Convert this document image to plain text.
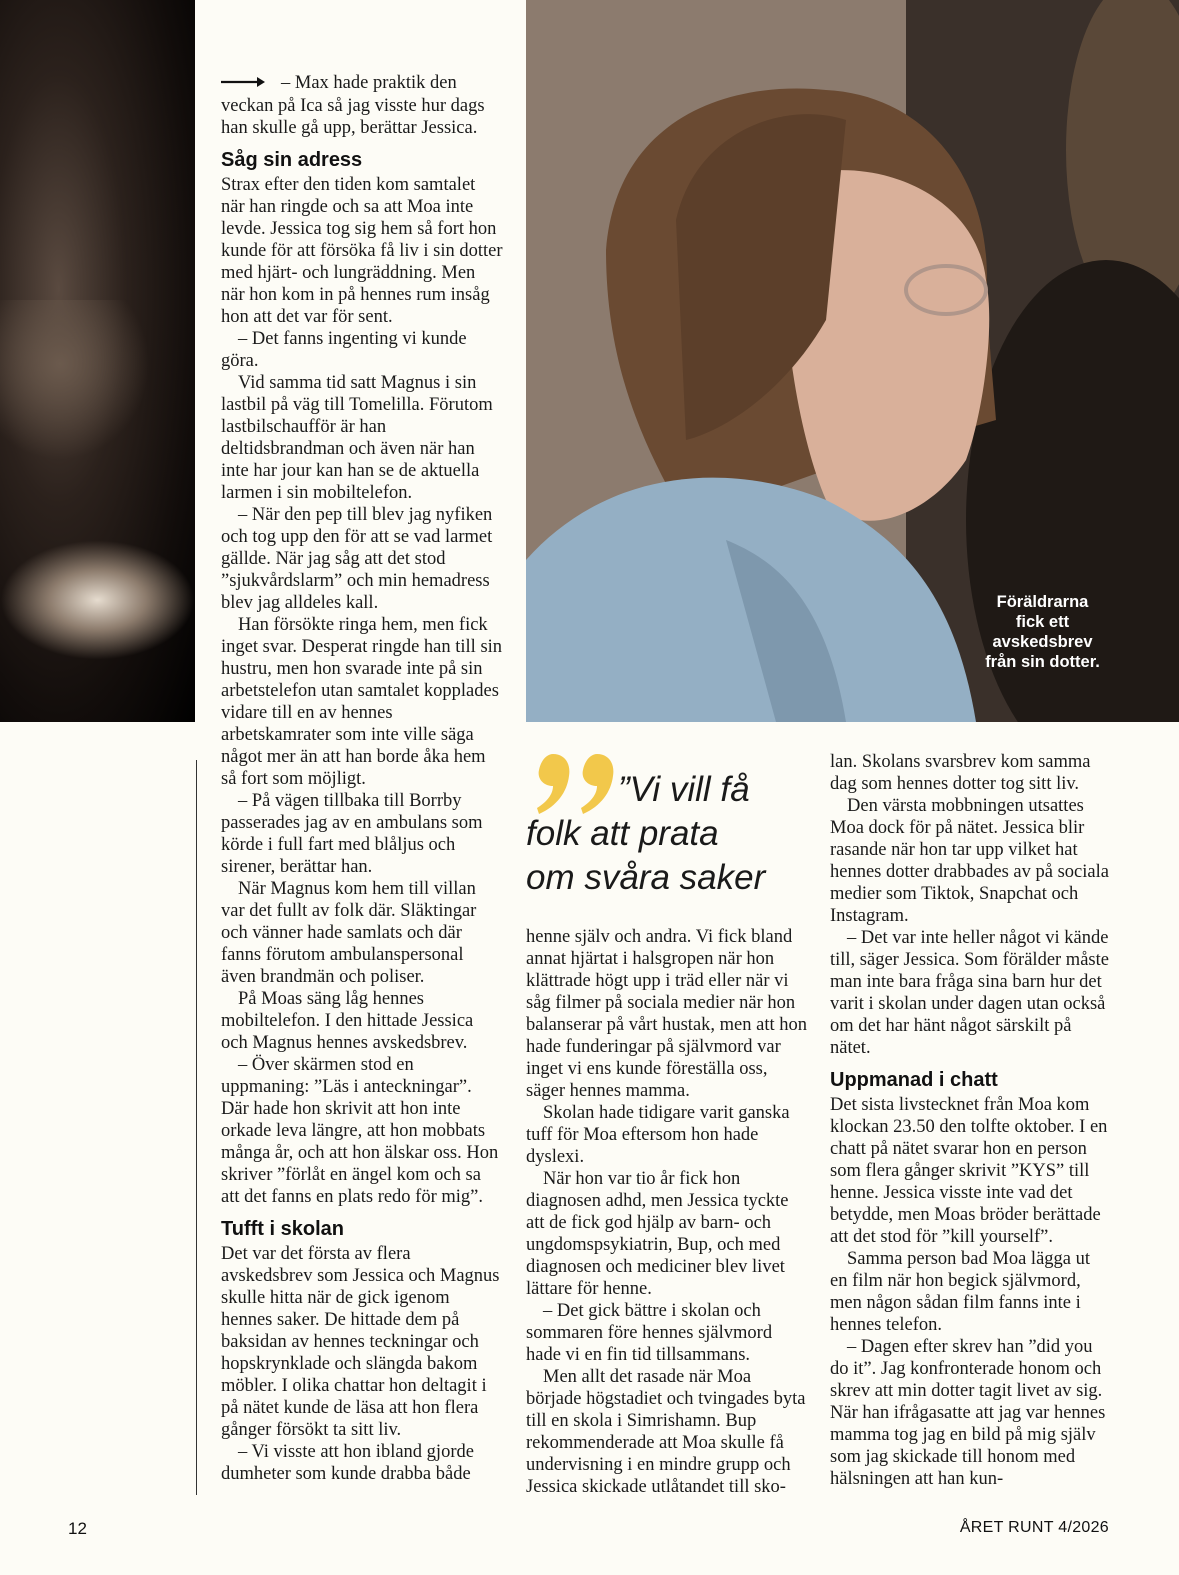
Föräldrarna fick ett avskedsbrev från sin dotter.

– Max hade praktik den veckan på Ica så jag visste hur dags han skulle gå upp, berättar Jessica.

Såg sin adress

Strax efter den tiden kom samtalet när han ringde och sa att Moa inte levde. Jessica tog sig hem så fort hon kunde för att försöka få liv i sin dotter med hjärt- och lungräddning. Men när hon kom in på hennes rum insåg hon att det var för sent.

– Det fanns ingenting vi kunde göra.

Vid samma tid satt Magnus i sin lastbil på väg till Tomelilla. Förutom lastbilschaufför är han deltidsbrandman och även när han inte har jour kan han se de aktuella larmen i sin mobiltelefon.

– När den pep till blev jag nyfiken och tog upp den för att se vad larmet gällde. När jag såg att det stod ”sjukvårdslarm” och min hemadress blev jag alldeles kall.

Han försökte ringa hem, men fick inget svar. Desperat ringde han till sin hustru, men hon svarade inte på sin arbetstelefon utan samtalet kopplades vidare till en av hennes arbetskamrater som inte ville säga något mer än att han borde åka hem så fort som möjligt.

– På vägen tillbaka till Borrby passerades jag av en ambulans som körde i full fart med blåljus och sirener, berättar han.

När Magnus kom hem till villan var det fullt av folk där. Släktingar och vänner hade samlats och där fanns förutom ambulanspersonal även brandmän och poliser.

På Moas säng låg hennes mobiltelefon. I den hittade Jessica och Magnus hennes avskedsbrev.

– Över skärmen stod en uppmaning: ”Läs i anteckningar”. Där hade hon skrivit att hon inte orkade leva längre, att hon mobbats många år, och att hon älskar oss. Hon skriver ”förlåt en ängel kom och sa att det fanns en plats redo för mig”.

Tufft i skolan

Det var det första av flera avskedsbrev som Jessica och Magnus skulle hitta när de gick igenom hennes saker. De hittade dem på baksidan av hennes teckningar och hopskrynklade och slängda bakom möbler. I olika chattar hon deltagit i på nätet kunde de läsa att hon flera gånger försökt ta sitt liv.

– Vi visste att hon ibland gjorde dumheter som kunde drabba både

”Vi vill få
folk att prata
om svåra saker

henne själv och andra. Vi fick bland annat hjärtat i halsgropen när hon klättrade högt upp i träd eller när vi såg filmer på sociala medier när hon balanserar på vårt hustak, men att hon hade funderingar på självmord var inget vi ens kunde föreställa oss, säger hennes mamma.

Skolan hade tidigare varit ganska tuff för Moa eftersom hon hade dyslexi.

När hon var tio år fick hon diagnosen adhd, men Jessica tyckte att de fick god hjälp av barn- och ungdomspsykiatrin, Bup, och med diagnosen och mediciner blev livet lättare för henne.

– Det gick bättre i skolan och sommaren före hennes självmord hade vi en fin tid tillsammans.

Men allt det rasade när Moa började högstadiet och tvingades byta till en skola i Simrishamn. Bup rekommenderade att Moa skulle få undervisning i en mindre grupp och Jessica skickade utlåtandet till sko-

lan. Skolans svarsbrev kom samma dag som hennes dotter tog sitt liv.

Den värsta mobbningen utsattes Moa dock för på nätet. Jessica blir rasande när hon tar upp vilket hat hennes dotter drabbades av på sociala medier som Tiktok, Snapchat och Instagram.

– Det var inte heller något vi kände till, säger Jessica. Som förälder måste man inte bara fråga sina barn hur det varit i skolan under dagen utan också om det har hänt något särskilt på nätet.

Uppmanad i chatt

Det sista livstecknet från Moa kom klockan 23.50 den tolfte oktober. I en chatt på nätet svarar hon en person som flera gånger skrivit ”KYS” till henne. Jessica visste inte vad det betydde, men Moas bröder berättade att det stod för ”kill yourself”.

Samma person bad Moa lägga ut en film när hon begick självmord, men någon sådan film fanns inte i hennes telefon.

– Dagen efter skrev han ”did you do it”. Jag konfronterade honom och skrev att min dotter tagit livet av sig. När han ifrågasatte att jag var hennes mamma tog jag en bild på mig själv som jag skickade till honom med hälsningen att han kun-

12	ÅRET RUNT 4/2026
